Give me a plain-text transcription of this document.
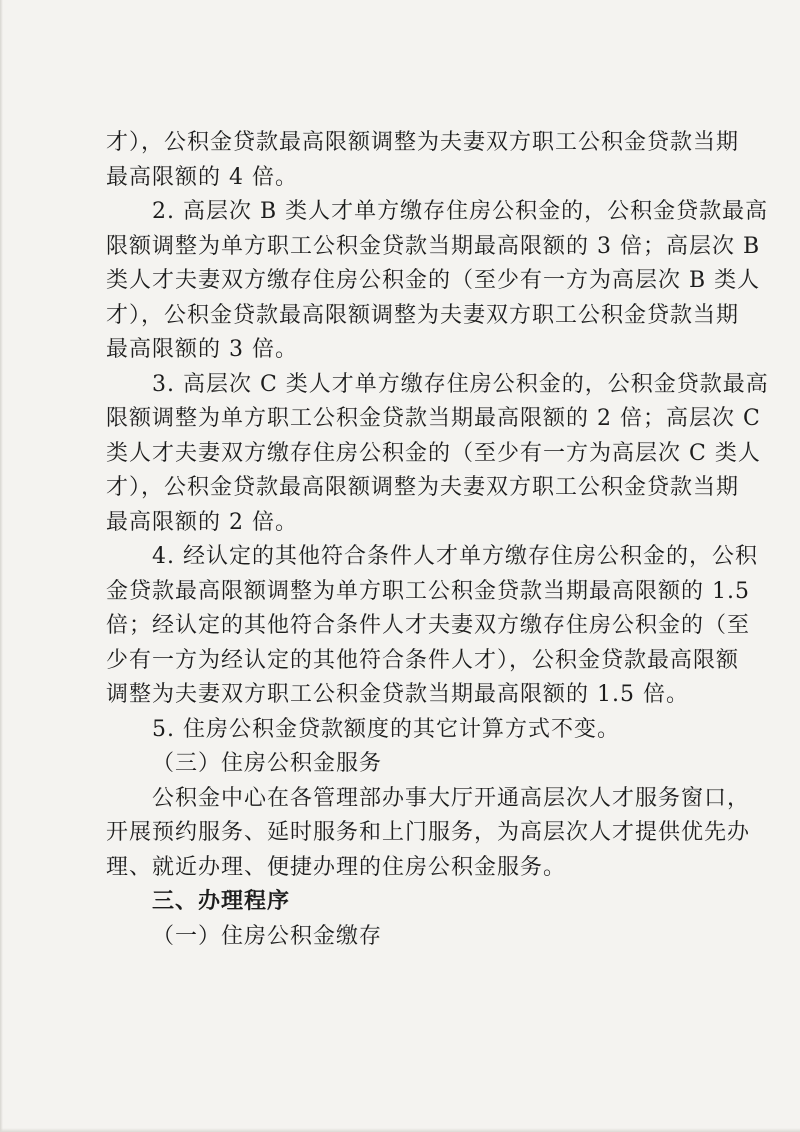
才），公积金贷款最高限额调整为夫妻双方职工公积金贷款当期
最高限额的 4 倍。
2. 高层次 B 类人才单方缴存住房公积金的，公积金贷款最高
限额调整为单方职工公积金贷款当期最高限额的 3 倍；高层次 B
类人才夫妻双方缴存住房公积金的（至少有一方为高层次 B 类人
才），公积金贷款最高限额调整为夫妻双方职工公积金贷款当期
最高限额的 3 倍。
3. 高层次 C 类人才单方缴存住房公积金的，公积金贷款最高
限额调整为单方职工公积金贷款当期最高限额的 2 倍；高层次 C
类人才夫妻双方缴存住房公积金的（至少有一方为高层次 C 类人
才），公积金贷款最高限额调整为夫妻双方职工公积金贷款当期
最高限额的 2 倍。
4. 经认定的其他符合条件人才单方缴存住房公积金的，公积
金贷款最高限额调整为单方职工公积金贷款当期最高限额的 1.5
倍；经认定的其他符合条件人才夫妻双方缴存住房公积金的（至
少有一方为经认定的其他符合条件人才），公积金贷款最高限额
调整为夫妻双方职工公积金贷款当期最高限额的 1.5 倍。
5. 住房公积金贷款额度的其它计算方式不变。
（三）住房公积金服务
公积金中心在各管理部办事大厅开通高层次人才服务窗口，
开展预约服务、延时服务和上门服务，为高层次人才提供优先办
理、就近办理、便捷办理的住房公积金服务。
三、办理程序
（一）住房公积金缴存
